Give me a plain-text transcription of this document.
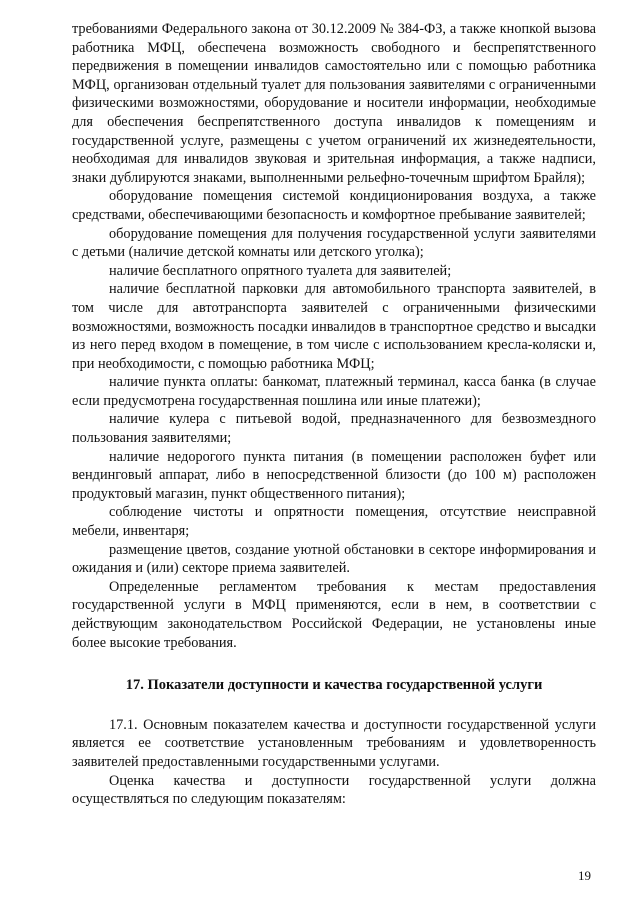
требованиями Федерального закона от 30.12.2009 № 384-ФЗ, а также кнопкой вызова работника МФЦ, обеспечена возможность свободного и беспрепятственного передвижения в помещении инвалидов самостоятельно или с помощью работника МФЦ, организован отдельный туалет для пользования заявителями с ограниченными физическими возможностями, оборудование и носители информации, необходимые для обеспечения беспрепятственного доступа инвалидов к помещениям и государственной услуге, размещены с учетом ограничений их жизнедеятельности, необходимая для инвалидов звуковая и зрительная информация, а также надписи, знаки дублируются знаками, выполненными рельефно-точечным шрифтом Брайля);

оборудование помещения системой кондиционирования воздуха, а также средствами, обеспечивающими безопасность и комфортное пребывание заявителей;

оборудование помещения для получения государственной услуги заявителями с детьми (наличие детской комнаты или детского уголка);

наличие бесплатного опрятного туалета для заявителей;

наличие бесплатной парковки для автомобильного транспорта заявителей, в том числе для автотранспорта заявителей с ограниченными физическими возможностями, возможность посадки инвалидов в транспортное средство и высадки из него перед входом в помещение, в том числе с использованием кресла-коляски и, при необходимости, с помощью работника МФЦ;

наличие пункта оплаты: банкомат, платежный терминал, касса банка (в случае если предусмотрена государственная пошлина или иные платежи);

наличие кулера с питьевой водой, предназначенного для безвозмездного пользования заявителями;

наличие недорогого пункта питания (в помещении расположен буфет или вендинговый аппарат, либо в непосредственной близости (до 100 м) расположен продуктовый магазин, пункт общественного питания);

соблюдение чистоты и опрятности помещения, отсутствие неисправной мебели, инвентаря;

размещение цветов, создание уютной обстановки в секторе информирования и ожидания и (или) секторе приема заявителей.

Определенные регламентом требования к местам предоставления государственной услуги в МФЦ применяются, если в нем, в соответствии с действующим законодательством Российской Федерации, не установлены иные более высокие требования.

17. Показатели доступности и качества государственной услуги

17.1. Основным показателем качества и доступности государственной услуги является ее соответствие установленным требованиям и удовлетворенность заявителей предоставленными государственными услугами.

Оценка качества и доступности государственной услуги должна осуществляться по следующим показателям:

19
